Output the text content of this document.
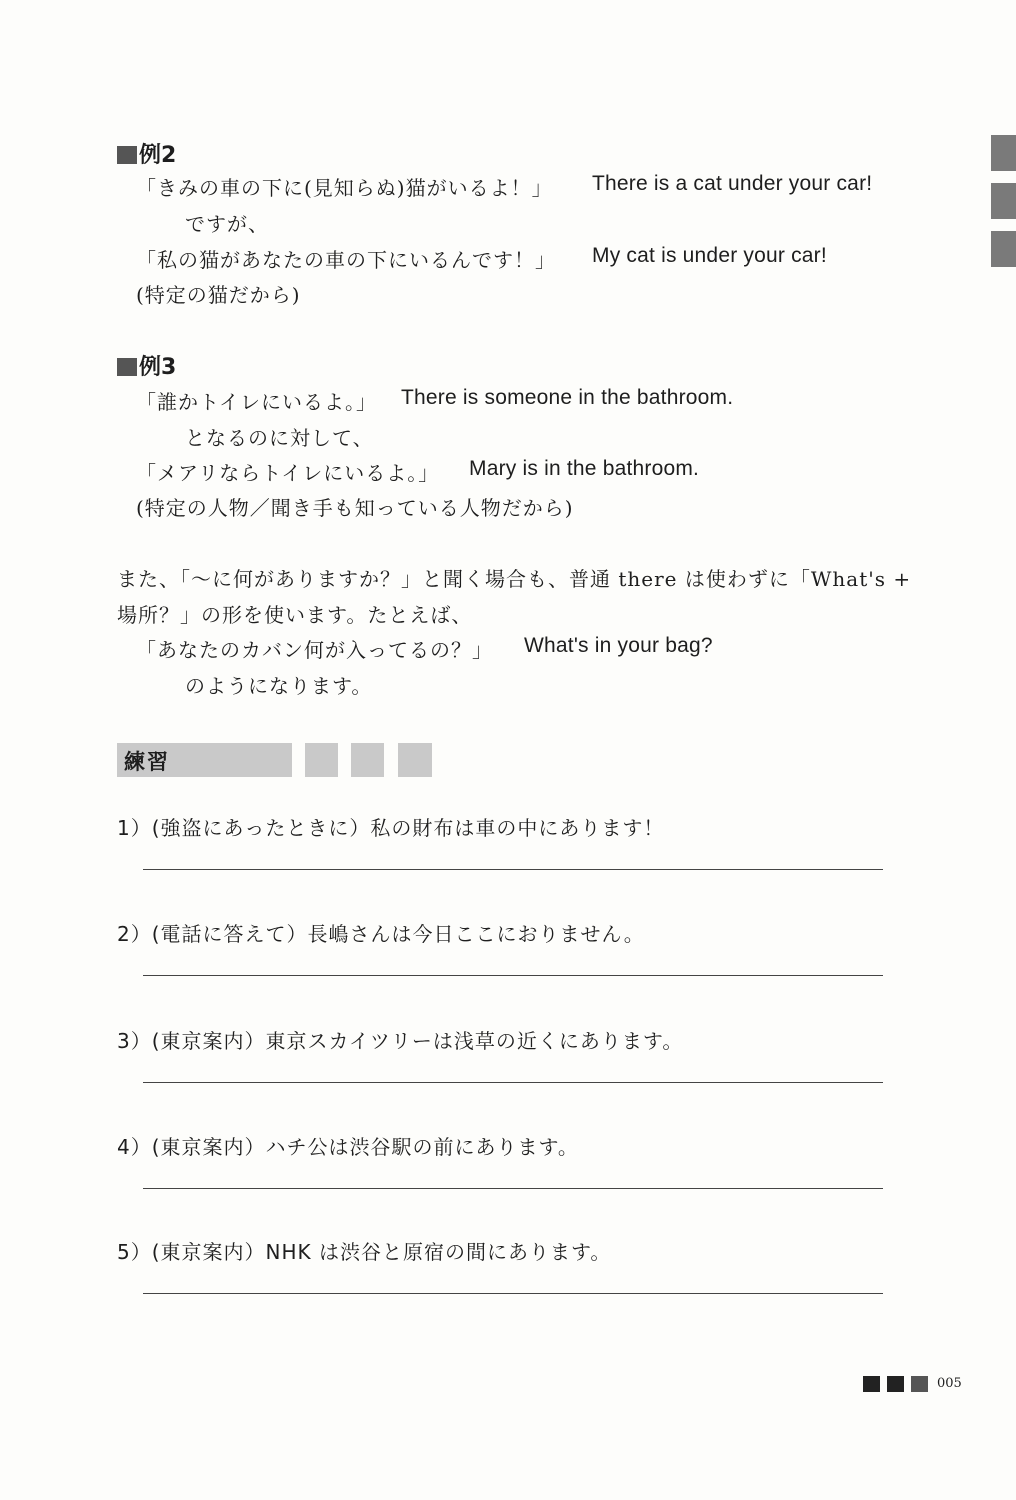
例2
「きみの車の下に(見知らぬ)猫がいるよ！」 There is a cat under your car!
ですが、
「私の猫があなたの車の下にいるんです！」 My cat is under your car!
(特定の猫だから)
例3
「誰かトイレにいるよ。」 There is someone in the bathroom.
となるのに対して、
「メアリならトイレにいるよ。」 Mary is in the bathroom.
(特定の人物／聞き手も知っている人物だから)
また、「～に何がありますか？」と聞く場合も、普通 there は使わずに「What's +
場所？」の形を使います。たとえば、
「あなたのカバン何が入ってるの？」 What's in your bag?
のようになります。
練習
1）(強盗にあったときに）私の財布は車の中にあります！
2）(電話に答えて）長嶋さんは今日ここにおりません。
3）(東京案内）東京スカイツリーは浅草の近くにあります。
4）(東京案内）ハチ公は渋谷駅の前にあります。
5）(東京案内）NHK は渋谷と原宿の間にあります。
005
